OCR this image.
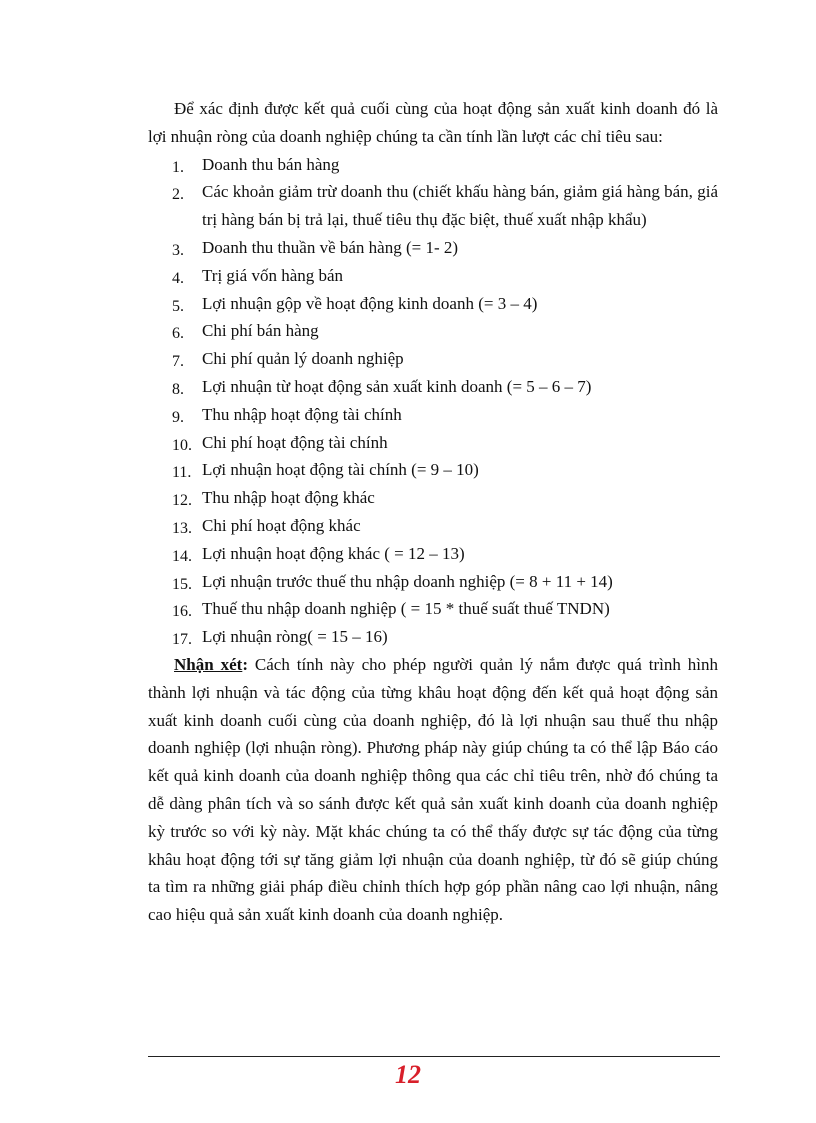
Để xác định được kết quả cuối cùng của hoạt động sản xuất kinh doanh đó là lợi nhuận ròng của doanh nghiệp chúng ta cần tính lần lượt các chỉ tiêu sau:

1. Doanh thu bán hàng
2. Các khoản giảm trừ doanh thu (chiết khấu hàng bán, giảm giá hàng bán, giá trị hàng bán bị trả lại, thuế tiêu thụ đặc biệt, thuế xuất nhập khẩu)
3. Doanh thu thuần về bán hàng (= 1- 2)
4. Trị giá vốn hàng bán
5. Lợi nhuận gộp về hoạt động kinh doanh (= 3 – 4)
6. Chi phí bán hàng
7. Chi phí quản lý doanh nghiệp
8. Lợi nhuận từ hoạt động sản xuất kinh doanh (= 5 – 6 – 7)
9. Thu nhập hoạt động tài chính
10. Chi phí hoạt động tài chính
11. Lợi nhuận hoạt động tài chính (= 9 – 10)
12. Thu nhập hoạt động khác
13. Chi phí hoạt động khác
14. Lợi nhuận hoạt động khác ( = 12 – 13)
15. Lợi nhuận trước thuế thu nhập doanh nghiệp (= 8 + 11 + 14)
16. Thuế thu nhập doanh nghiệp ( = 15 * thuế suất thuế TNDN)
17. Lợi nhuận ròng( = 15 – 16)

Nhận xét: Cách tính này cho phép người quản lý nắm được quá trình hình thành lợi nhuận và tác động của từng khâu hoạt động đến kết quả hoạt động sản xuất kinh doanh cuối cùng của doanh nghiệp, đó là lợi nhuận sau thuế thu nhập doanh nghiệp (lợi nhuận ròng). Phương pháp này giúp chúng ta có thể lập Báo cáo kết quả kinh doanh của doanh nghiệp thông qua các chỉ tiêu trên, nhờ đó chúng ta dễ dàng phân tích và so sánh được kết quả sản xuất kinh doanh của doanh nghiệp kỳ trước so với kỳ này. Mặt khác chúng ta có thể thấy được sự tác động của từng khâu hoạt động tới sự tăng giảm lợi nhuận của doanh nghiệp, từ đó sẽ giúp chúng ta tìm ra những giải pháp điều chỉnh thích hợp góp phần nâng cao lợi nhuận, nâng cao hiệu quả sản xuất kinh doanh của doanh nghiệp.

12
